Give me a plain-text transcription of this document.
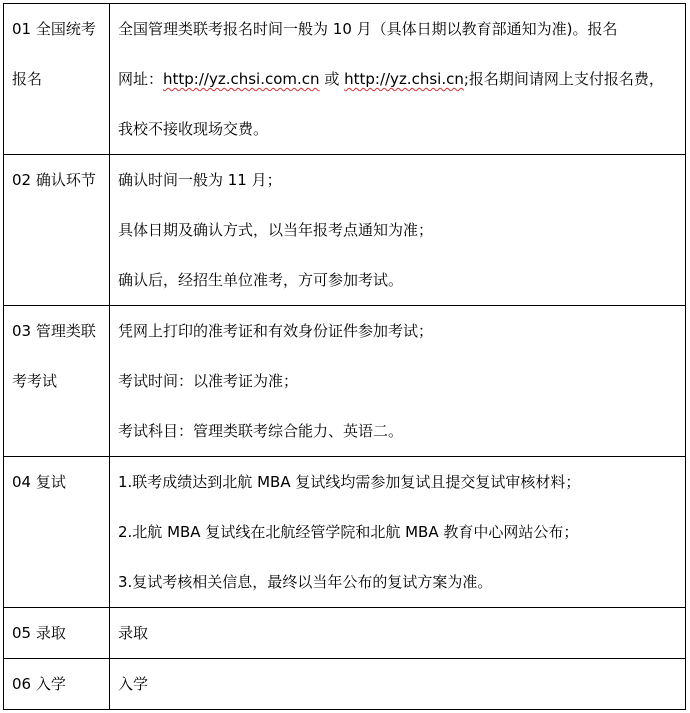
01 全国统考
报名	全国管理类联考报名时间一般为 10 月（具体日期以教育部通知为准)。报名
网址：http://yz.chsi.com.cn 或 http://yz.chsi.cn;报名期间请网上支付报名费，
我校不接收现场交费。

02 确认环节	确认时间一般为 11 月；
具体日期及确认方式，以当年报考点通知为准；
确认后，经招生单位准考，方可参加考试。

03 管理类联
考考试	凭网上打印的准考证和有效身份证件参加考试；
考试时间：以准考证为准；
考试科目：管理类联考综合能力、英语二。

04 复试	1.联考成绩达到北航 MBA 复试线均需参加复试且提交复试审核材料；
2.北航 MBA 复试线在北航经管学院和北航 MBA 教育中心网站公布；
3.复试考核相关信息，最终以当年公布的复试方案为准。

05 录取	录取

06 入学	入学
